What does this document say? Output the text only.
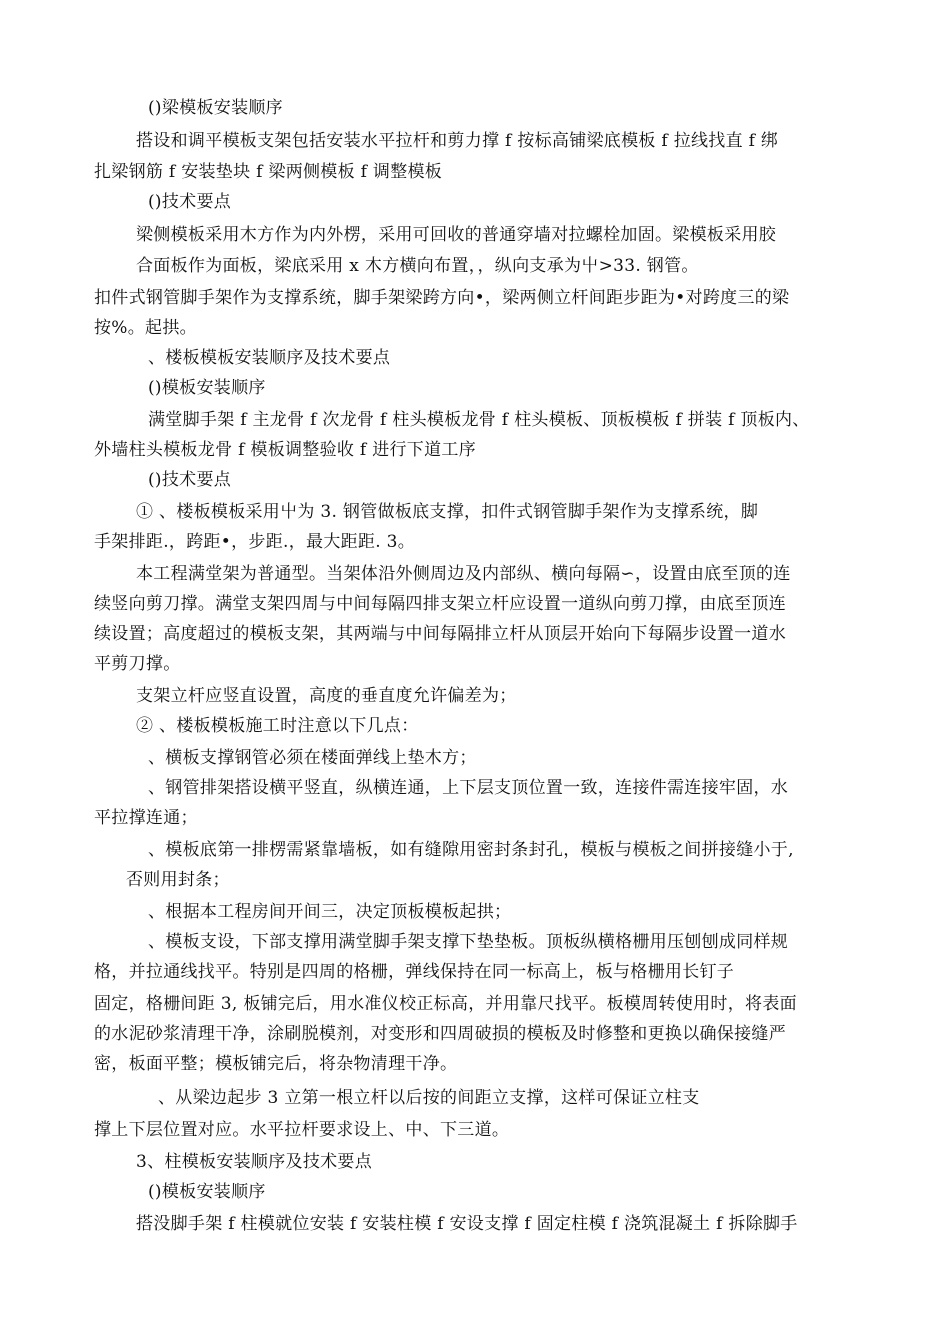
()梁模板安装顺序
搭设和调平模板支架包括安装水平拉杆和剪力撑 f 按标高铺梁底模板 f 拉线找直 f 绑
扎梁钢筋 f 安装垫块 f 梁两侧模板 f 调整模板
()技术要点
梁侧模板采用木方作为内外楞，采用可回收的普通穿墙对拉螺栓加固。梁模板采用胶
合面板作为面板，梁底采用 x 木方横向布置，，纵向支承为屮>33. 钢管。
扣件式钢管脚手架作为支撑系统，脚手架梁跨方向•，梁两侧立杆间距步距为•对跨度三的梁
按%。起拱。
、楼板模板安装顺序及技术要点
()模板安装顺序
满堂脚手架 f 主龙骨 f 次龙骨 f 柱头模板龙骨 f 柱头模板、顶板模板 f 拼装 f 顶板内、
外墙柱头模板龙骨 f 模板调整验收 f 进行下道工序
()技术要点
① 、楼板模板采用屮为 3. 钢管做板底支撑，扣件式钢管脚手架作为支撑系统，脚
手架排距.，跨距•，步距.，最大距距. 3。
本工程满堂架为普通型。当架体沿外侧周边及内部纵、横向每隔∽，设置由底至顶的连
续竖向剪刀撑。满堂支架四周与中间每隔四排支架立杆应设置一道纵向剪刀撑，由底至顶连
续设置；高度超过的模板支架，其两端与中间每隔排立杆从顶层开始向下每隔步设置一道水
平剪刀撑。
支架立杆应竖直设置，高度的垂直度允许偏差为；
② 、楼板模板施工时注意以下几点：
、横板支撑钢管必须在楼面弹线上垫木方；
、钢管排架搭设横平竖直，纵横连通，上下层支顶位置一致，连接件需连接牢固，水
平拉撑连通；
、模板底第一排楞需紧靠墙板，如有缝隙用密封条封孔，模板与模板之间拼接缝小于,
否则用封条；
、根据本工程房间开间三，决定顶板模板起拱；
、模板支设，下部支撑用满堂脚手架支撑下垫垫板。顶板纵横格栅用压刨刨成同样规
格，并拉通线找平。特别是四周的格栅，弹线保持在同一标高上，板与格栅用长钉子
固定，格栅间距 3, 板铺完后，用水准仪校正标高，并用靠尺找平。板模周转使用时，将表面
的水泥砂浆清理干净，涂刷脱模剂，对变形和四周破损的模板及时修整和更换以确保接缝严
密，板面平整；模板铺完后，将杂物清理干净。
、从梁边起步 3 立第一根立杆以后按的间距立支撑，这样可保证立柱支
撑上下层位置对应。水平拉杆要求设上、中、下三道。
3、柱模板安装顺序及技术要点
()模板安装顺序
搭没脚手架 f 柱模就位安装 f 安装柱模 f 安设支撑 f 固定柱模 f 浇筑混凝土 f 拆除脚手
